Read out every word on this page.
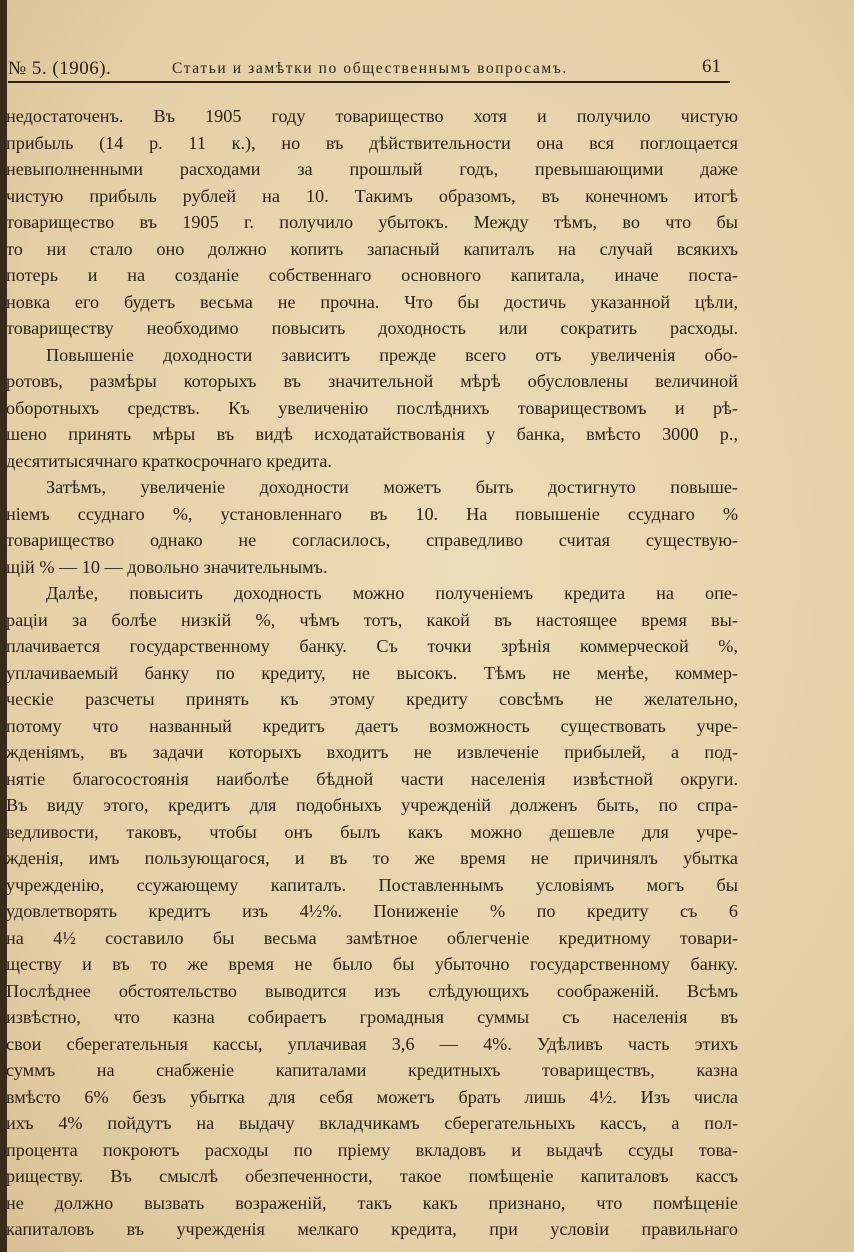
№ 5. (1906).	Статьи и замѣтки по общественнымъ вопросамъ.	61
недостаточенъ. Въ 1905 году товарищество хотя и получило чистую
прибыль (14 р. 11 к.), но въ дѣйствительности она вся поглощается
невыполненными расходами за прошлый годъ, превышающими даже
чистую прибыль рублей на 10. Такимъ образомъ, въ конечномъ итогѣ
товарищество въ 1905 г. получило убытокъ. Между тѣмъ, во что бы
то ни стало оно должно копить запасный капиталъ на случай всякихъ
потерь и на созданіе собственнаго основного капитала, иначе поста-
новка его будетъ весьма не прочна. Что бы достичь указанной цѣли,
товариществу необходимо повысить доходность или сократить расходы.
Повышеніе доходности зависитъ прежде всего отъ увеличенія обо-
ротовъ, размѣры которыхъ въ значительной мѣрѣ обусловлены величиной
оборотныхъ средствъ. Къ увеличенію послѣднихъ товариществомъ и рѣ-
шено принять мѣры въ видѣ исходатайствованія у банка, вмѣсто 3000 р.,
десятитысячнаго краткосрочнаго кредита.
Затѣмъ, увеличеніе доходности можетъ быть достигнуто повыше-
ніемъ ссуднаго %, установленнаго въ 10. На повышеніе ссуднаго %
товарищество однако не согласилось, справедливо считая существую-
щій % — 10 — довольно значительнымъ.
Далѣе, повысить доходность можно полученіемъ кредита на опе-
раціи за болѣе низкій %, чѣмъ тотъ, какой въ настоящее время вы-
плачивается государственному банку. Съ точки зрѣнія коммерческой %,
уплачиваемый банку по кредиту, не высокъ. Тѣмъ не менѣе, коммер-
ческіе разсчеты принять къ этому кредиту совсѣмъ не желательно,
потому что названный кредитъ даетъ возможность существовать учре-
жденіямъ, въ задачи которыхъ входитъ не извлеченіе прибылей, а под-
нятіе благосостоянія наиболѣе бѣдной части населенія извѣстной округи.
Въ виду этого, кредитъ для подобныхъ учрежденій долженъ быть, по спра-
ведливости, таковъ, чтобы онъ былъ какъ можно дешевле для учре-
жденія, имъ пользующагося, и въ то же время не причинялъ убытка
учрежденію, ссужающему капиталъ. Поставленнымъ условіямъ могъ бы
удовлетворять кредитъ изъ 4½%. Пониженіе % по кредиту съ 6
на 4½ составило бы весьма замѣтное облегченіе кредитному товари-
ществу и въ то же время не было бы убыточно государственному банку.
Послѣднее обстоятельство выводится изъ слѣдующихъ соображеній. Всѣмъ
извѣстно, что казна собираетъ громадныя суммы съ населенія въ
свои сберегательныя кассы, уплачивая 3,6 — 4%. Удѣливъ часть этихъ
суммъ на снабженіе капиталами кредитныхъ товариществъ, казна
вмѣсто 6% безъ убытка для себя можетъ брать лишь 4½. Изъ числа
ихъ 4% пойдутъ на выдачу вкладчикамъ сберегательныхъ кассъ, а пол-
процента покроютъ расходы по пріему вкладовъ и выдачѣ ссуды това-
риществу. Въ смыслѣ обезпеченности, такое помѣщеніе капиталовъ кассъ
не должно вызвать возраженій, такъ какъ признано, что помѣщеніе
капиталовъ въ учрежденія мелкаго кредита, при условіи правильнаго
